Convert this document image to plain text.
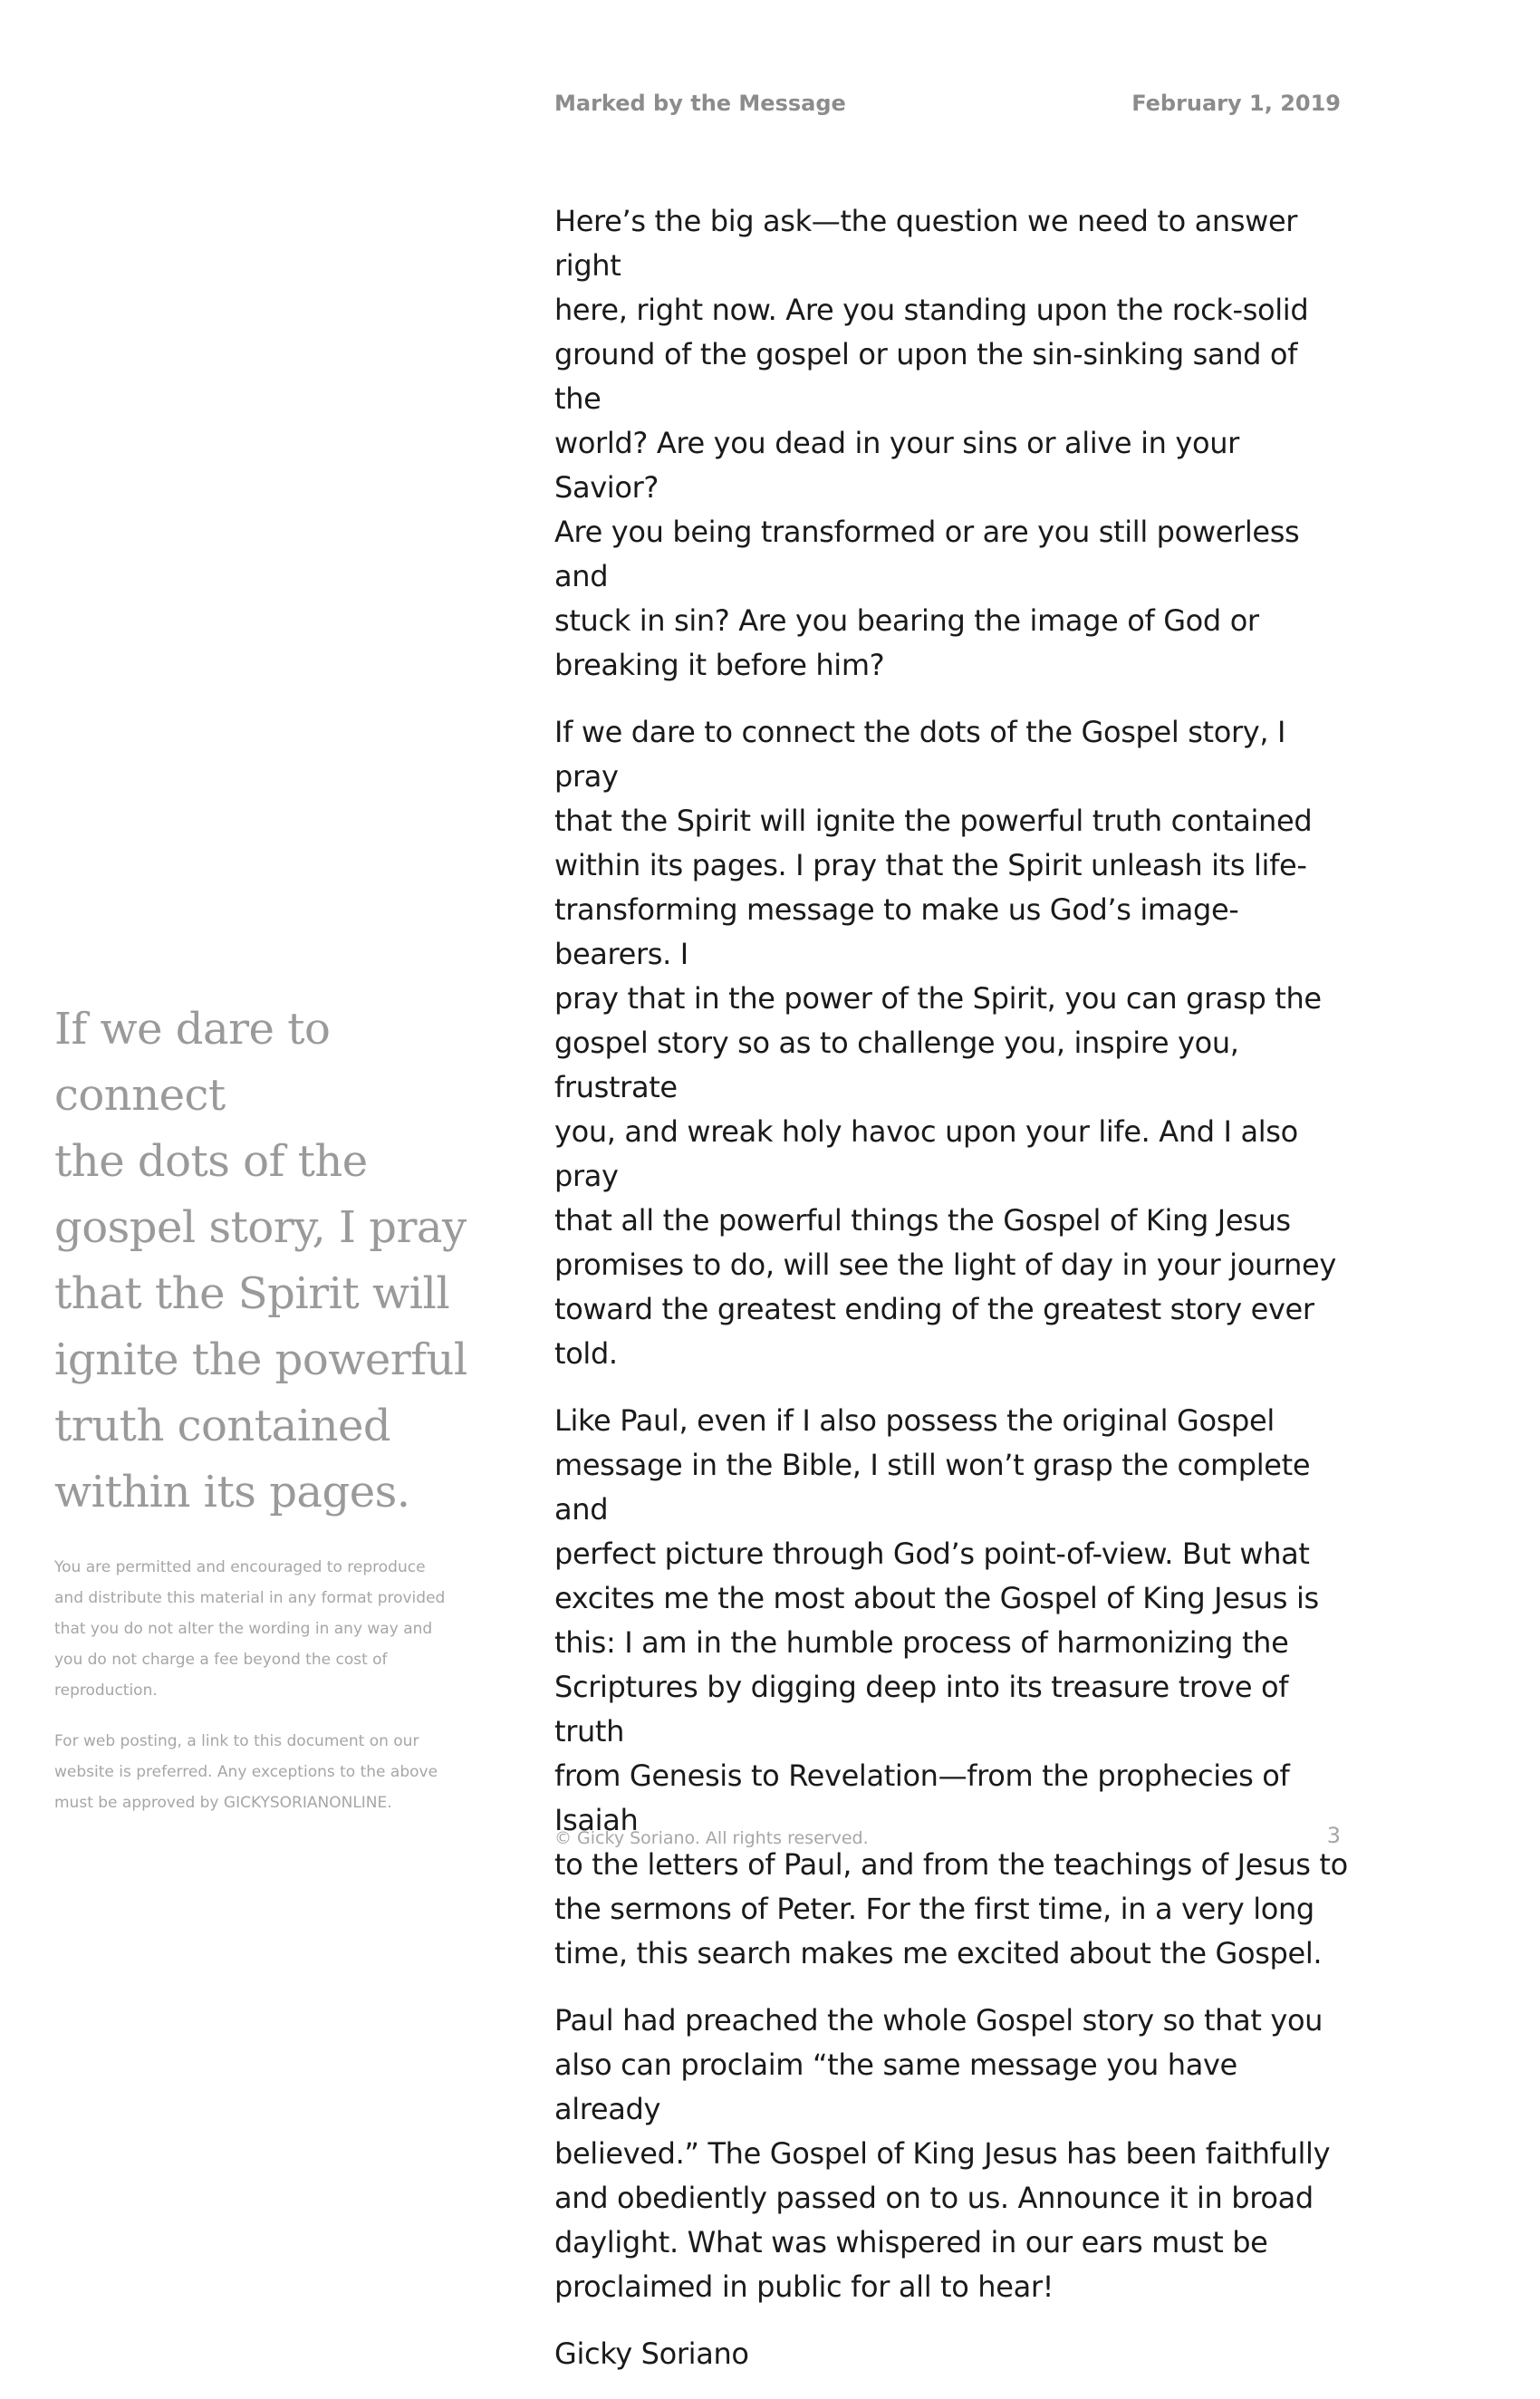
Marked by the Message	February 1, 2019

Here’s the big ask—the question we need to answer right
here, right now. Are you standing upon the rock-solid
ground of the gospel or upon the sin-sinking sand of the
world? Are you dead in your sins or alive in your Savior?
Are you being transformed or are you still powerless and
stuck in sin? Are you bearing the image of God or
breaking it before him?

If we dare to connect the dots of the Gospel story, I pray
that the Spirit will ignite the powerful truth contained
within its pages. I pray that the Spirit unleash its life-
transforming message to make us God’s image-bearers. I
pray that in the power of the Spirit, you can grasp the
gospel story so as to challenge you, inspire you, frustrate
you, and wreak holy havoc upon your life. And I also pray
that all the powerful things the Gospel of King Jesus
promises to do, will see the light of day in your journey
toward the greatest ending of the greatest story ever told.

Like Paul, even if I also possess the original Gospel
message in the Bible, I still won’t grasp the complete and
perfect picture through God’s point-of-view. But what
excites me the most about the Gospel of King Jesus is
this: I am in the humble process of harmonizing the
Scriptures by digging deep into its treasure trove of truth
from Genesis to Revelation—from the prophecies of Isaiah
to the letters of Paul, and from the teachings of Jesus to
the sermons of Peter. For the first time, in a very long
time, this search makes me excited about the Gospel.

Paul had preached the whole Gospel story so that you
also can proclaim “the same message you have already
believed.” The Gospel of King Jesus has been faithfully
and obediently passed on to us. Announce it in broad
daylight. What was whispered in our ears must be
proclaimed in public for all to hear!

Gicky Soriano

If we dare to connect
the dots of the
gospel story, I pray
that the Spirit will
ignite the powerful
truth contained
within its pages.

You are permitted and encouraged to reproduce
and distribute this material in any format provided
that you do not alter the wording in any way and
you do not charge a fee beyond the cost of
reproduction.

For web posting, a link to this document on our
website is preferred. Any exceptions to the above
must be approved by GICKYSORIANONLINE.

© Gicky Soriano. All rights reserved.	3
